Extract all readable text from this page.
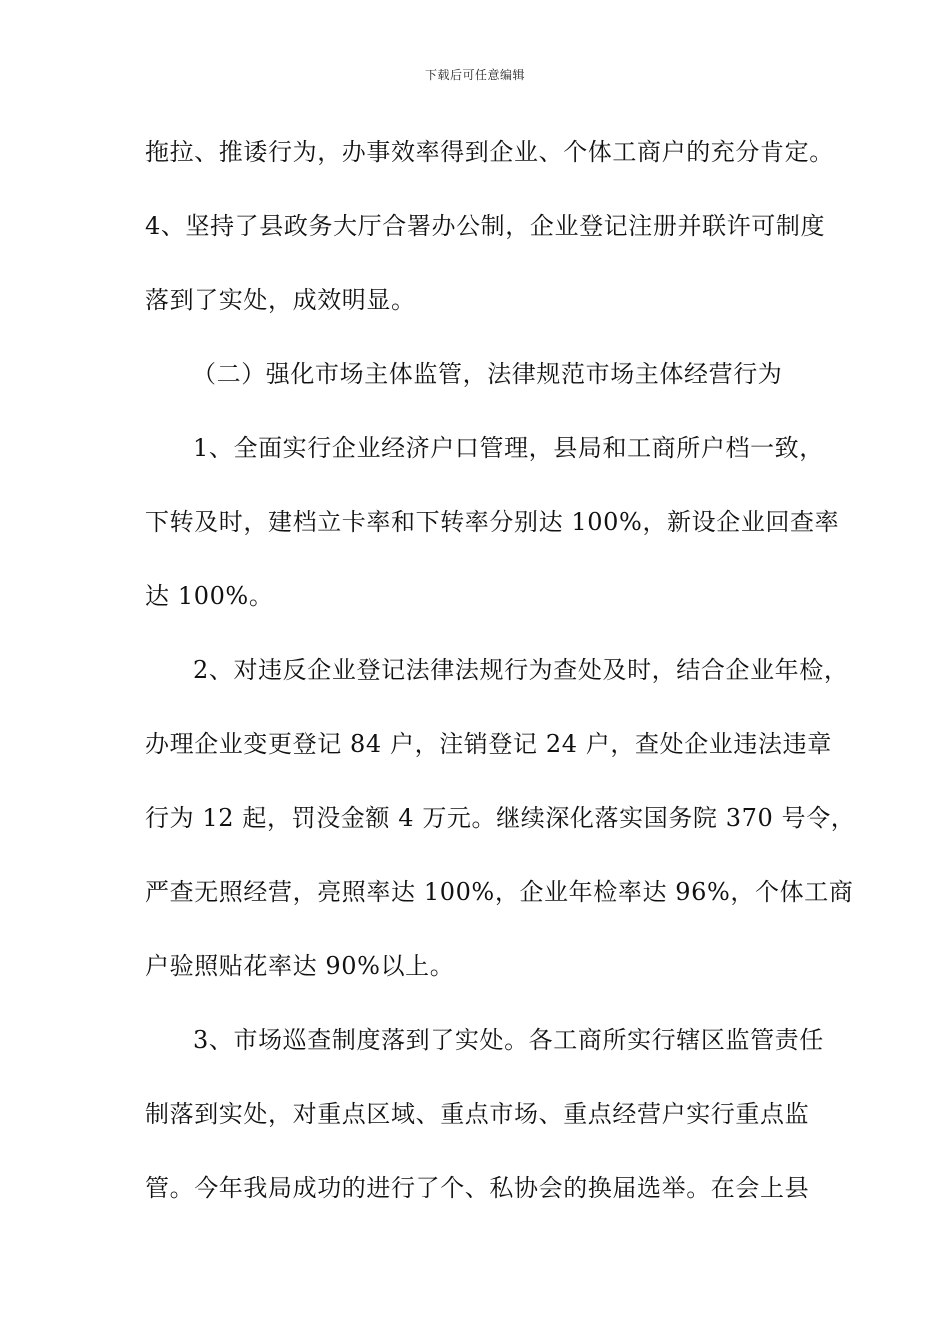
下载后可任意编辑
拖拉、推诿行为，办事效率得到企业、个体工商户的充分肯定。
4、坚持了县政务大厅合署办公制，企业登记注册并联许可制度
落到了实处，成效明显。
（二）强化市场主体监管，法律规范市场主体经营行为
1、全面实行企业经济户口管理，县局和工商所户档一致，
下转及时，建档立卡率和下转率分别达 100%，新设企业回查率
达 100%。
2、对违反企业登记法律法规行为查处及时，结合企业年检，
办理企业变更登记 84 户，注销登记 24 户，查处企业违法违章
行为 12 起，罚没金额 4 万元。继续深化落实国务院 370 号令，
严查无照经营，亮照率达 100%，企业年检率达 96%，个体工商
户验照贴花率达 90%以上。
3、市场巡查制度落到了实处。各工商所实行辖区监管责任
制落到实处，对重点区域、重点市场、重点经营户实行重点监
管。今年我局成功的进行了个、私协会的换届选举。在会上县
